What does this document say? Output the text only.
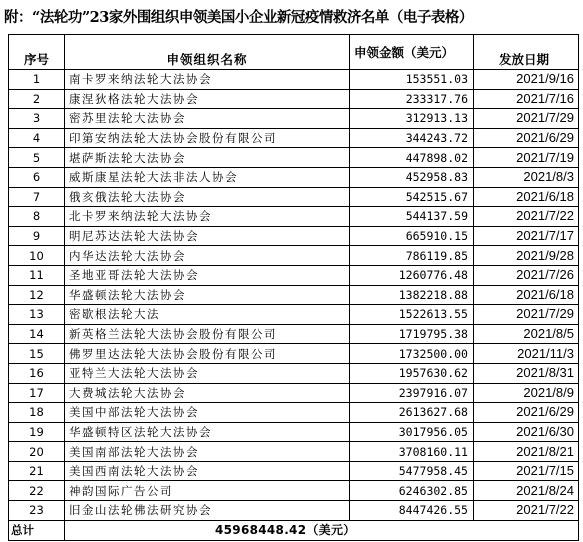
附：“法轮功”23家外围组织申领美国小企业新冠疫情救济名单（电子表格）
序号	申领组织名称	申领金额（美元）	发放日期
1	南卡罗来纳法轮大法协会	153551.03	2021/9/16
2	康涅狄格法轮大法协会	233317.76	2021/7/16
3	密苏里法轮大法协会	312913.13	2021/7/29
4	印第安纳法轮大法协会股份有限公司	344243.72	2021/6/29
5	堪萨斯法轮大法协会	447898.02	2021/7/19
6	威斯康星法轮大法非法人协会	452958.83	2021/8/3
7	俄亥俄法轮大法协会	542515.67	2021/6/18
8	北卡罗来纳法轮大法协会	544137.59	2021/7/22
9	明尼苏达法轮大法协会	665910.15	2021/7/17
10	内华达法轮大法协会	786119.85	2021/9/28
11	圣地亚哥法轮大法协会	1260776.48	2021/7/26
12	华盛顿法轮大法协会	1382218.88	2021/6/18
13	密歇根法轮大法	1522613.55	2021/7/29
14	新英格兰法轮大法协会股份有限公司	1719795.38	2021/8/5
15	佛罗里达法轮大法协会股份有限公司	1732500.00	2021/11/3
16	亚特兰大法轮大法协会	1957630.62	2021/8/31
17	大费城法轮大法协会	2397916.07	2021/8/9
18	美国中部法轮大法协会	2613627.68	2021/6/29
19	华盛顿特区法轮大法协会	3017956.05	2021/6/30
20	美国南部法轮大法协会	3708160.11	2021/8/21
21	美国西南法轮大法协会	5477958.45	2021/7/15
22	神韵国际广告公司	6246302.85	2021/8/24
23	旧金山法轮佛法研究协会	8447426.55	2021/7/22
总计	45968448.42（美元）		
